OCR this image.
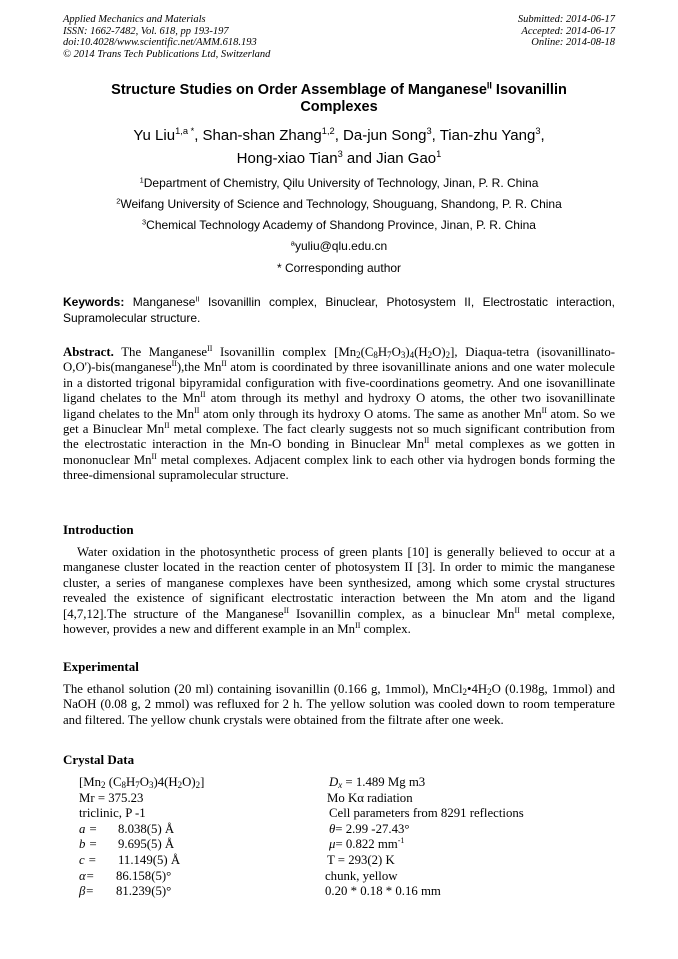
Applied Mechanics and Materials
ISSN: 1662-7482, Vol. 618, pp 193-197
doi:10.4028/www.scientific.net/AMM.618.193
© 2014 Trans Tech Publications Ltd, Switzerland
Submitted: 2014-06-17
Accepted: 2014-06-17
Online: 2014-08-18
Structure Studies on Order Assemblage of Manganese$^{II}$ Isovanillin
Complexes
Yu Liu$^{1,a *}$, Shan-shan Zhang$^{1,2}$, Da-jun Song$^3$, Tian-zhu Yang$^3$,
Hong-xiao Tian$^3$ and Jian Gao$^1$
$^1$Department of Chemistry, Qilu University of Technology, Jinan, P. R. China
$^2$Weifang University of Science and Technology, Shouguang, Shandong, P. R. China
$^3$Chemical Technology Academy of Shandong Province, Jinan, P. R. China
$^a$yuliu@qlu.edu.cn
* Corresponding author
Keywords: Manganese$^{II}$ Isovanillin complex, Binuclear, Photosystem II, Electrostatic interaction, Supramolecular structure.
Abstract. The Manganese$^{II}$ Isovanillin complex $[Mn_2(C_8H_7O_3)_4(H_2O)_2]$, Diaqua-tetra (isovanillinato-O,O')-bis(manganese$^{II}$),the $Mn^{II}$ atom is coordinated by three isovanillinate anions and one water molecule in a distorted trigonal bipyramidal configuration with five-coordinations geometry. And one isovanillinate ligand chelates to the $Mn^{II}$ atom through its methyl and hydroxy O atoms, the other two isovanillinate ligand chelates to the $Mn^{II}$ atom only through its hydroxy O atoms. The same as another $Mn^{II}$ atom. So we get a Binuclear $Mn^{II}$ metal complexe. The fact clearly suggests not so much significant contribution from the electrostatic interaction in the Mn-O bonding in Binuclear $Mn^{II}$ metal complexes as we gotten in mononuclear $Mn^{II}$ metal complexes. Adjacent complex link to each other via hydrogen bonds forming the three-dimensional supramolecular structure.
Introduction
Water oxidation in the photosynthetic process of green plants [10] is generally believed to occur at a manganese cluster located in the reaction center of photosystem II [3]. In order to mimic the manganese cluster, a series of manganese complexes have been synthesized, among which some crystal structures revealed the existence of significant electrostatic interaction between the Mn atom and the ligand [4,7,12].The structure of the Manganese$^{II}$ Isovanillin complex, as a binuclear $Mn^{II}$ metal complexe, however, provides a new and different example in an $Mn^{II}$ complex.
Experimental
The ethanol solution (20 ml) containing isovanillin (0.166 g, 1mmol), $MnCl_2•4H_2O$ (0.198g, 1mmol) and NaOH (0.08 g, 2 mmol) was refluxed for 2 h. The yellow solution was cooled down to room temperature and filtered. The yellow chunk crystals were obtained from the filtrate after one week.
Crystal Data
[$Mn_2$ $(C_8H_7O_3)4(H_2O)_2$]
Mr = 375.23
triclinic, P -1
a = 8.038(5) Å
b = 9.695(5) Å
c = 11.149(5) Å
α= 86.158(5)°
β= 81.239(5)°
$D_x = 1.489$ Mg m3
Mo Kα radiation
Cell parameters from 8291 reflections
θ= 2.99 -27.43°
μ= 0.822 $mm^{-1}$
T = 293(2) K
chunk, yellow
0.20 * 0.18 * 0.16 mm
